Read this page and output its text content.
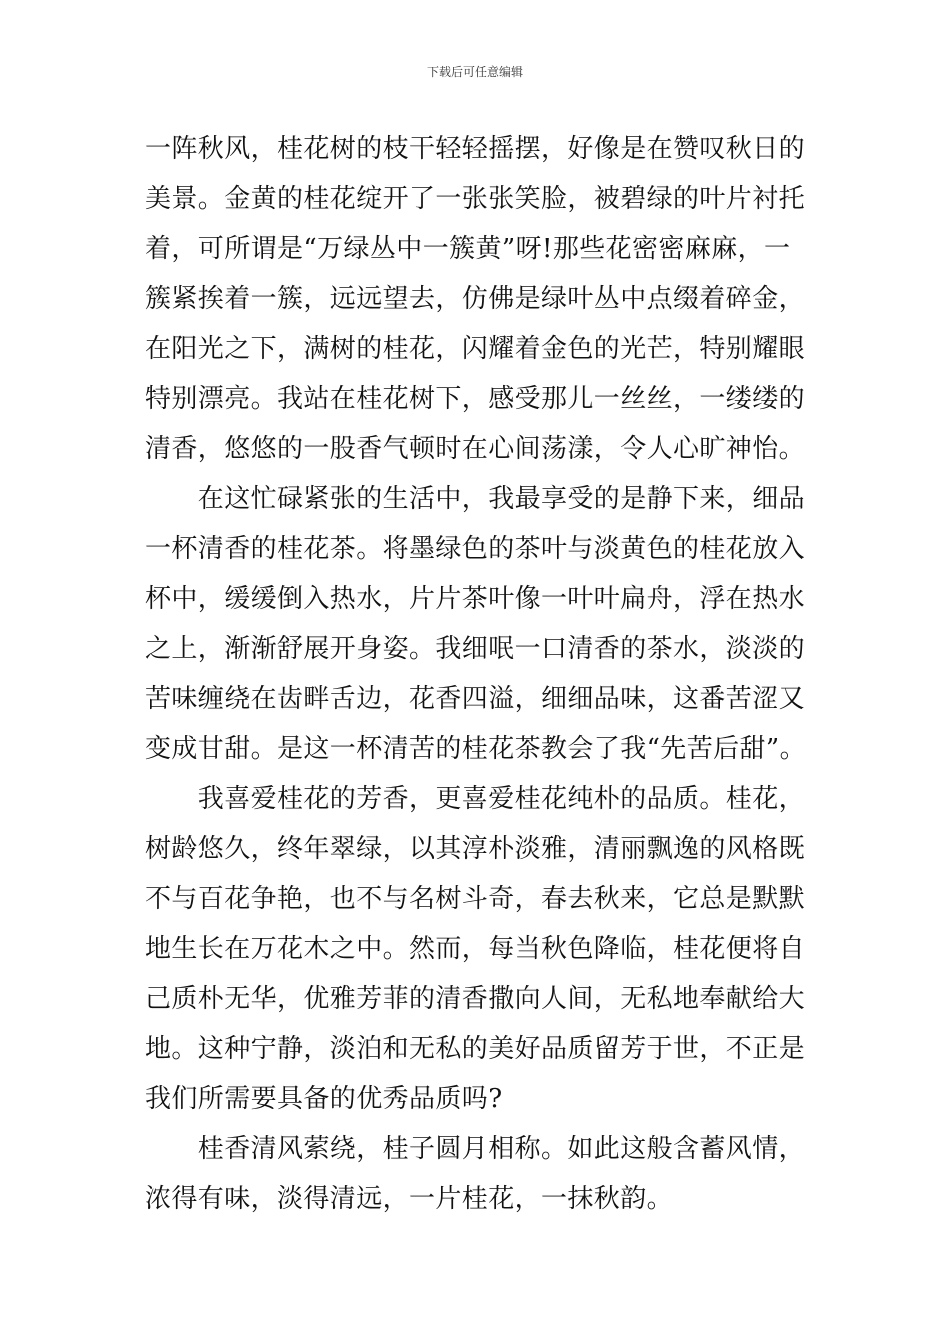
下载后可任意编辑
一阵秋风，桂花树的枝干轻轻摇摆，好像是在赞叹秋日的
美景。金黄的桂花绽开了一张张笑脸，被碧绿的叶片衬托
着，可所谓是“万绿丛中一簇黄”呀!那些花密密麻麻，一
簇紧挨着一簇，远远望去，仿佛是绿叶丛中点缀着碎金，
在阳光之下，满树的桂花，闪耀着金色的光芒，特别耀眼
特别漂亮。我站在桂花树下，感受那儿一丝丝，一缕缕的
清香，悠悠的一股香气顿时在心间荡漾，令人心旷神怡。
　　在这忙碌紧张的生活中，我最享受的是静下来，细品
一杯清香的桂花茶。将墨绿色的茶叶与淡黄色的桂花放入
杯中，缓缓倒入热水，片片茶叶像一叶叶扁舟，浮在热水
之上，渐渐舒展开身姿。我细呡一口清香的茶水，淡淡的
苦味缠绕在齿畔舌边，花香四溢，细细品味，这番苦涩又
变成甘甜。是这一杯清苦的桂花茶教会了我“先苦后甜”。
　　我喜爱桂花的芳香，更喜爱桂花纯朴的品质。桂花，
树龄悠久，终年翠绿，以其淳朴淡雅，清丽飘逸的风格既
不与百花争艳，也不与名树斗奇，春去秋来，它总是默默
地生长在万花木之中。然而，每当秋色降临，桂花便将自
己质朴无华，优雅芳菲的清香撒向人间，无私地奉献给大
地。这种宁静，淡泊和无私的美好品质留芳于世，不正是
我们所需要具备的优秀品质吗?
　　桂香清风萦绕，桂子圆月相称。如此这般含蓄风情，
浓得有味，淡得清远，一片桂花，一抹秋韵。
